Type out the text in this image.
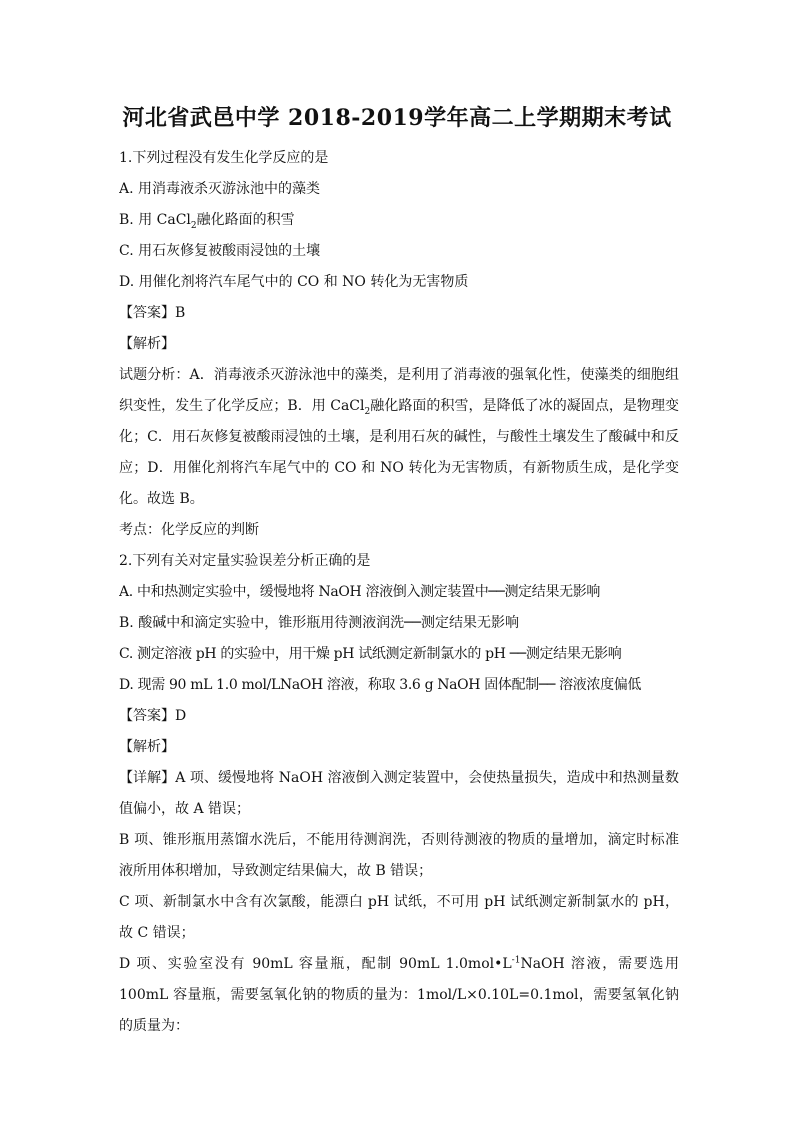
河北省武邑中学 2018-2019学年高二上学期期末考试
1.下列过程没有发生化学反应的是
A. 用消毒液杀灭游泳池中的藻类
B. 用 CaCl$_2$融化路面的积雪
C. 用石灰修复被酸雨浸蚀的土壤
D. 用催化剂将汽车尾气中的 CO 和 NO 转化为无害物质
【答案】B
【解析】
试题分析：A．消毒液杀灭游泳池中的藻类，是利用了消毒液的强氧化性，使藻类的细胞组织变性，发生了化学反应；B．用 CaCl$_2$融化路面的积雪，是降低了冰的凝固点，是物理变化；C．用石灰修复被酸雨浸蚀的土壤，是利用石灰的碱性，与酸性土壤发生了酸碱中和反应；D．用催化剂将汽车尾气中的 CO 和 NO 转化为无害物质，有新物质生成，是化学变化。故选 B。
考点：化学反应的判断
2.下列有关对定量实验误差分析正确的是
A. 中和热测定实验中，缓慢地将 NaOH 溶液倒入测定装置中──测定结果无影响
B. 酸碱中和滴定实验中，锥形瓶用待测液润洗──测定结果无影响
C. 测定溶液 pH 的实验中，用干燥 pH 试纸测定新制氯水的 pH ──测定结果无影响
D. 现需 90 mL 1.0 mol/LNaOH 溶液，称取 3.6 g NaOH 固体配制── 溶液浓度偏低
【答案】D
【解析】
【详解】A 项、缓慢地将 NaOH 溶液倒入测定装置中，会使热量损失，造成中和热测量数值偏小，故 A 错误；
B 项、锥形瓶用蒸馏水洗后，不能用待测润洗，否则待测液的物质的量增加，滴定时标准液所用体积增加，导致测定结果偏大，故 B 错误；
C 项、新制氯水中含有次氯酸，能漂白 pH 试纸，不可用 pH 试纸测定新制氯水的 pH，故 C 错误；
D 项、实验室没有 90mL 容量瓶，配制 90mL $1.0mol•L^{-1}NaOH$ 溶液，需要选用 100mL 容量瓶，需要氢氧化钠的物质的量为：1mol/L×0.10L=0.1mol，需要氢氧化钠的质量为：
